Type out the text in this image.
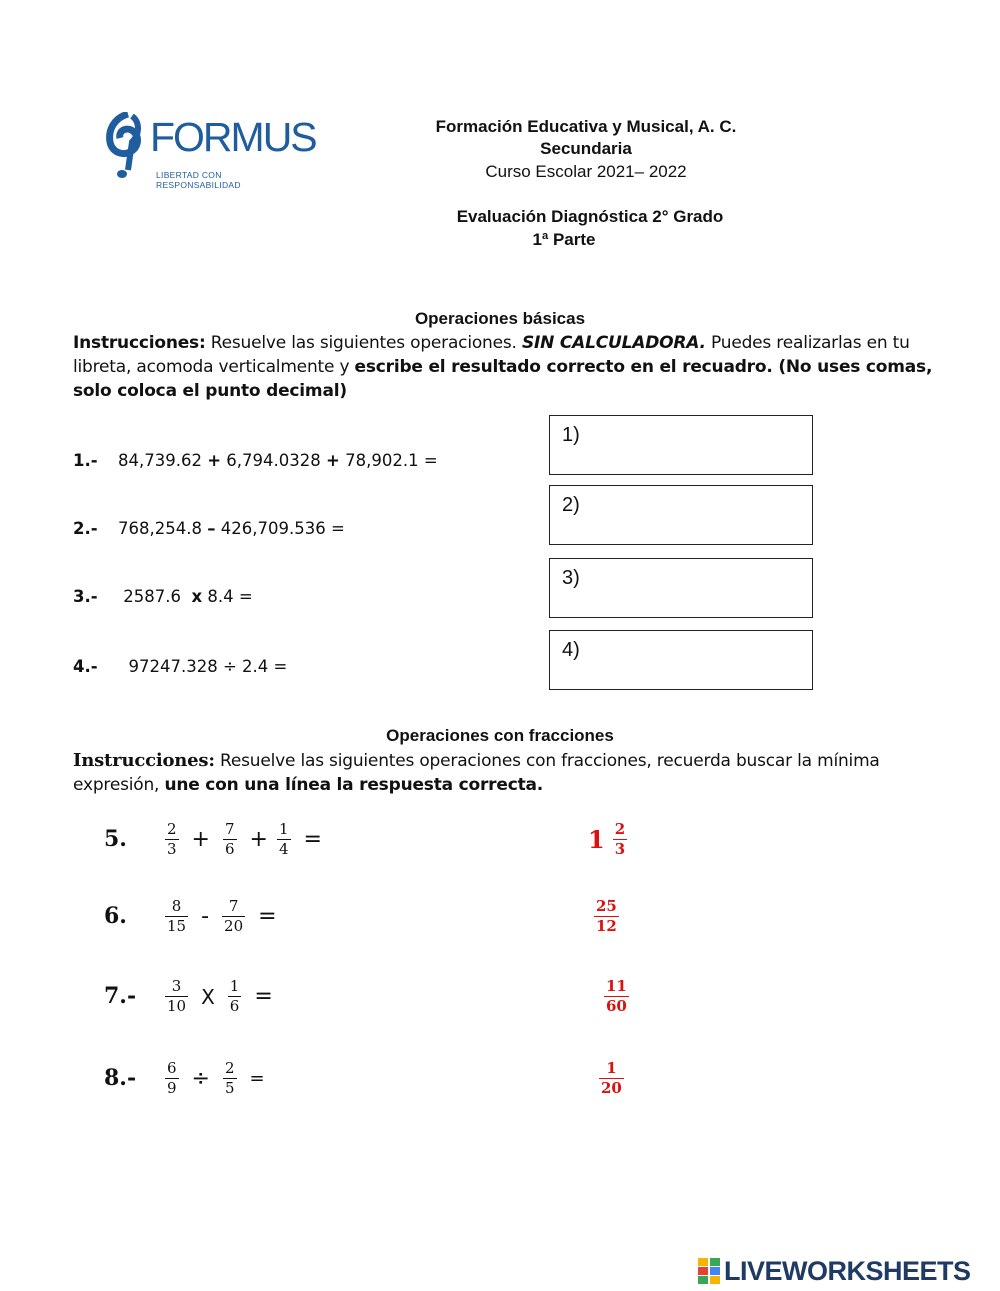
FORMUS
LIBERTAD CON RESPONSABILIDAD
Formación Educativa y Musical, A. C.
Secundaria
Curso Escolar 2021– 2022
Evaluación Diagnóstica 2° Grado
1ª Parte
Operaciones básicas
Instrucciones: Resuelve las siguientes operaciones. SIN CALCULADORA. Puedes realizarlas en tu libreta, acomoda verticalmente y escribe el resultado correcto en el recuadro. (No uses comas, solo coloca el punto decimal)
1.- 84,739.62 + 6,794.0328 + 78,902.1 =
2.- 768,254.8 – 426,709.536 =
3.- 2587.6  x 8.4 =
4.-  97247.328 ÷ 2.4 =
1)
2)
3)
4)
Operaciones con fracciones
Instrucciones: Resuelve las siguientes operaciones con fracciones, recuerda buscar la mínima expresión, une con una línea la respuesta correcta.
5.	$\frac{2}{3} + \frac{7}{6} + \frac{1}{4}$ =
6.	$\frac{8}{15} - \frac{7}{20}$ =
$7.- \frac{3}{10}$ X $\frac{1}{6}$ =
$8.- \frac{6}{9} \div \frac{2}{5}$ =
$1 \frac{2}{3}$
$\frac{25}{12}$
$\frac{11}{60}$
$\frac{1}{20}$
LIVEWORKSHEETS
